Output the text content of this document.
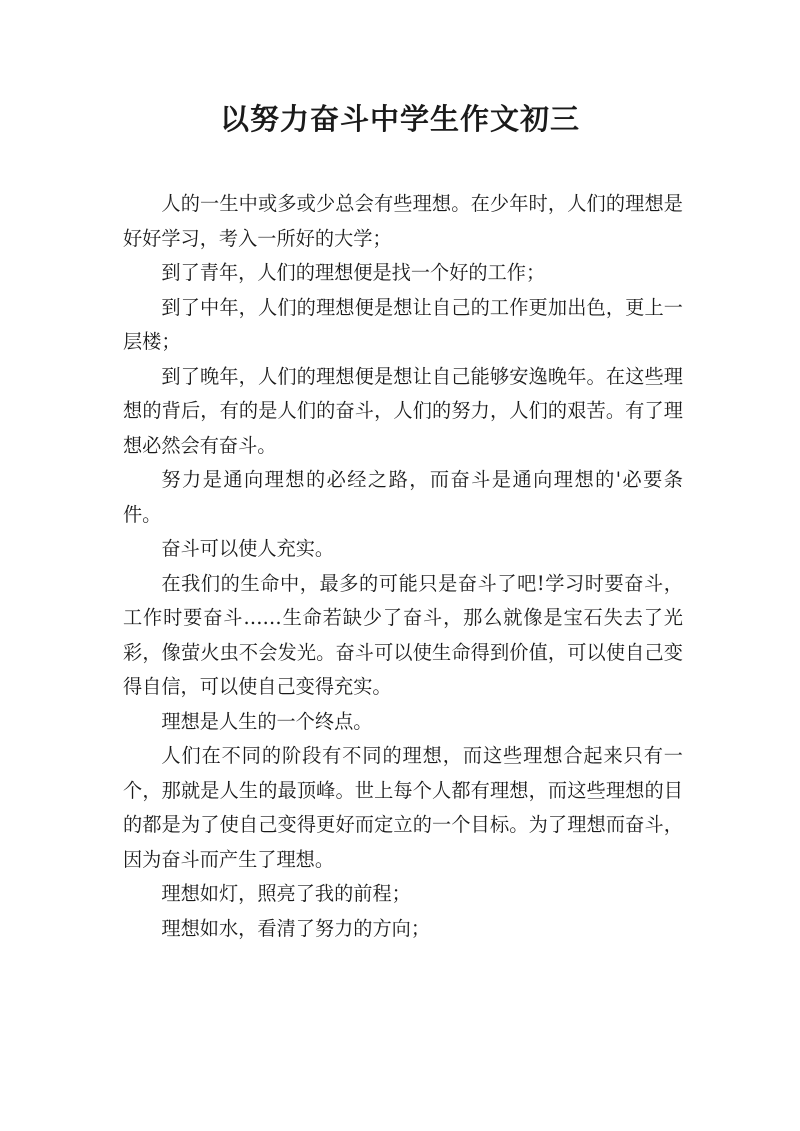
以努力奋斗中学生作文初三

人的一生中或多或少总会有些理想。在少年时，人们的理想是好好学习，考入一所好的大学；

到了青年，人们的理想便是找一个好的工作；

到了中年，人们的理想便是想让自己的工作更加出色，更上一层楼；

到了晚年，人们的理想便是想让自己能够安逸晚年。在这些理想的背后，有的是人们的奋斗，人们的努力，人们的艰苦。有了理想必然会有奋斗。

努力是通向理想的必经之路，而奋斗是通向理想的'必要条件。

奋斗可以使人充实。

在我们的生命中，最多的可能只是奋斗了吧!学习时要奋斗，工作时要奋斗……生命若缺少了奋斗，那么就像是宝石失去了光彩，像萤火虫不会发光。奋斗可以使生命得到价值，可以使自己变得自信，可以使自己变得充实。

理想是人生的一个终点。

人们在不同的阶段有不同的理想，而这些理想合起来只有一个，那就是人生的最顶峰。世上每个人都有理想，而这些理想的目的都是为了使自己变得更好而定立的一个目标。为了理想而奋斗，因为奋斗而产生了理想。

理想如灯，照亮了我的前程；

理想如水，看清了努力的方向；
